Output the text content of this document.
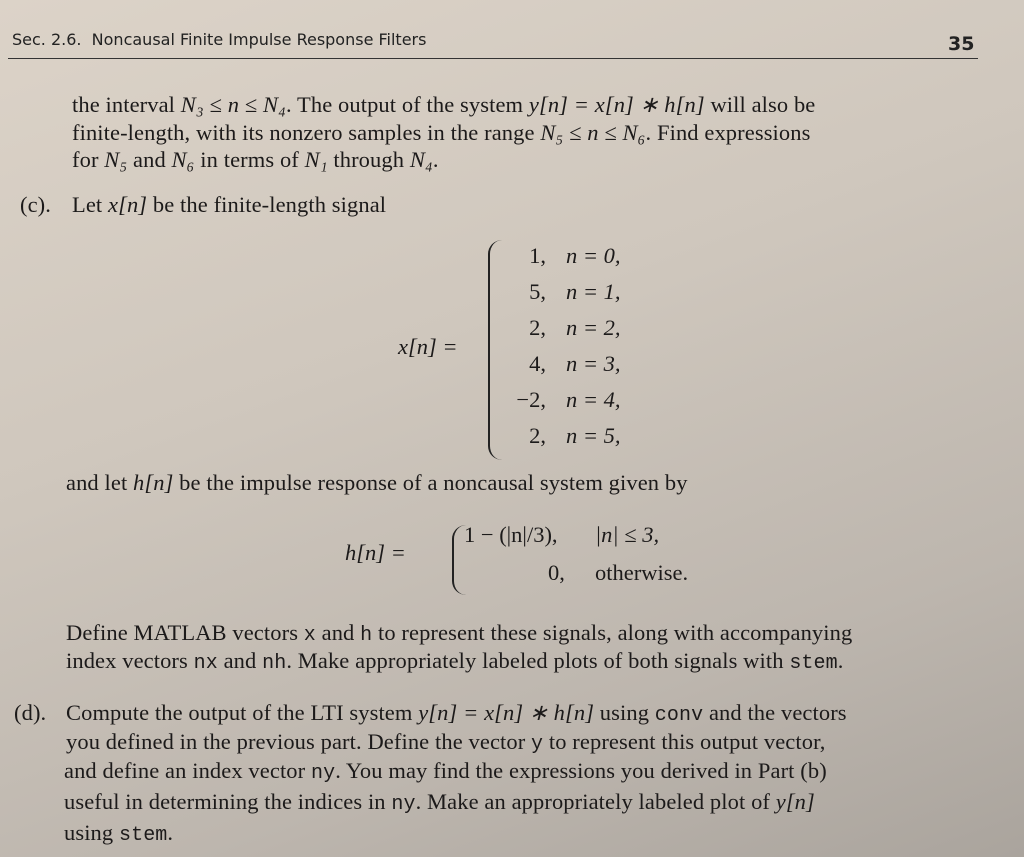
Sec. 2.6. Noncausal Finite Impulse Response Filters	35
the interval N₃ ≤ n ≤ N₄. The output of the system y[n] = x[n] ∗ h[n] will also be
finite-length, with its nonzero samples in the range N₅ ≤ n ≤ N₆. Find expressions
for N₅ and N₆ in terms of N₁ through N₄.
(c). Let x[n] be the finite-length signal
x[n] =
1, n = 0,
5, n = 1,
2, n = 2,
4, n = 3,
−2, n = 4,
2, n = 5,
and let h[n] be the impulse response of a noncausal system given by
h[n] =
1 − (|n|/3), |n| ≤ 3,
0, otherwise.
Define MATLAB vectors x and h to represent these signals, along with accompanying
index vectors nx and nh. Make appropriately labeled plots of both signals with stem.
(d). Compute the output of the LTI system y[n] = x[n] ∗ h[n] using conv and the vectors
you defined in the previous part. Define the vector y to represent this output vector,
and define an index vector ny. You may find the expressions you derived in Part (b)
useful in determining the indices in ny. Make an appropriately labeled plot of y[n]
using stem.
